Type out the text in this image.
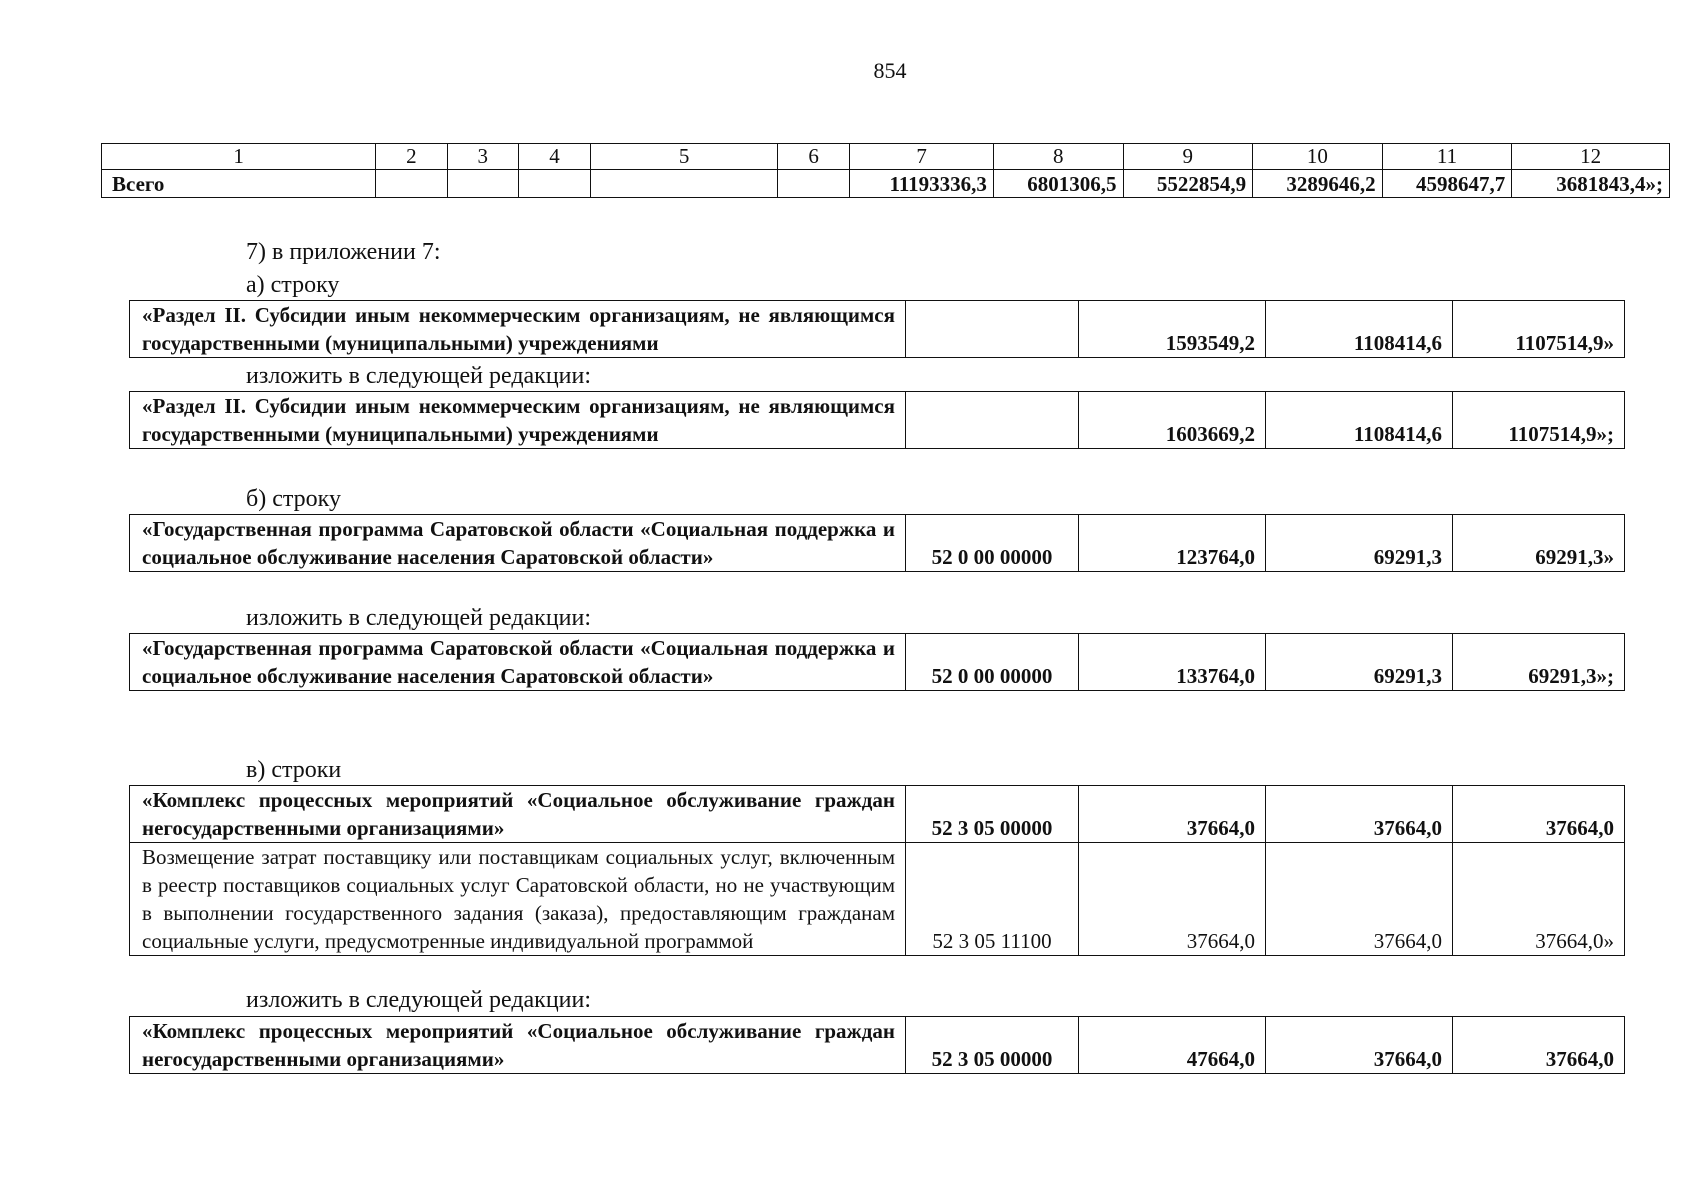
854
1	2	3	4	5	6	7	8	9	10	11	12
Всего						11193336,3	6801306,5	5522854,9	3289646,2	4598647,7	3681843,4»;
7) в приложении 7:
а) строку
«Раздел II. Субсидии иным некоммерческим организациям, не являющимся государственными (муниципальными) учреждениями		1593549,2	1108414,6	1107514,9»
изложить в следующей редакции:
«Раздел II. Субсидии иным некоммерческим организациям, не являющимся государственными (муниципальными) учреждениями		1603669,2	1108414,6	1107514,9»;
б) строку
«Государственная программа Саратовской области «Социальная поддержка и социальное обслуживание населения Саратовской области»	52 0 00 00000	123764,0	69291,3	69291,3»
изложить в следующей редакции:
«Государственная программа Саратовской области «Социальная поддержка и социальное обслуживание населения Саратовской области»	52 0 00 00000	133764,0	69291,3	69291,3»;
в) строки
«Комплекс процессных мероприятий «Социальное обслуживание граждан негосударственными организациями»	52 3 05 00000	37664,0	37664,0	37664,0
Возмещение затрат поставщику или поставщикам социальных услуг, включенным в реестр поставщиков социальных услуг Саратовской области, но не участвующим в выполнении государственного задания (заказа), предоставляющим гражданам социальные услуги, предусмотренные индивидуальной программой	52 3 05 11100	37664,0	37664,0	37664,0»
изложить в следующей редакции:
«Комплекс процессных мероприятий «Социальное обслуживание граждан негосударственными организациями»	52 3 05 00000	47664,0	37664,0	37664,0
